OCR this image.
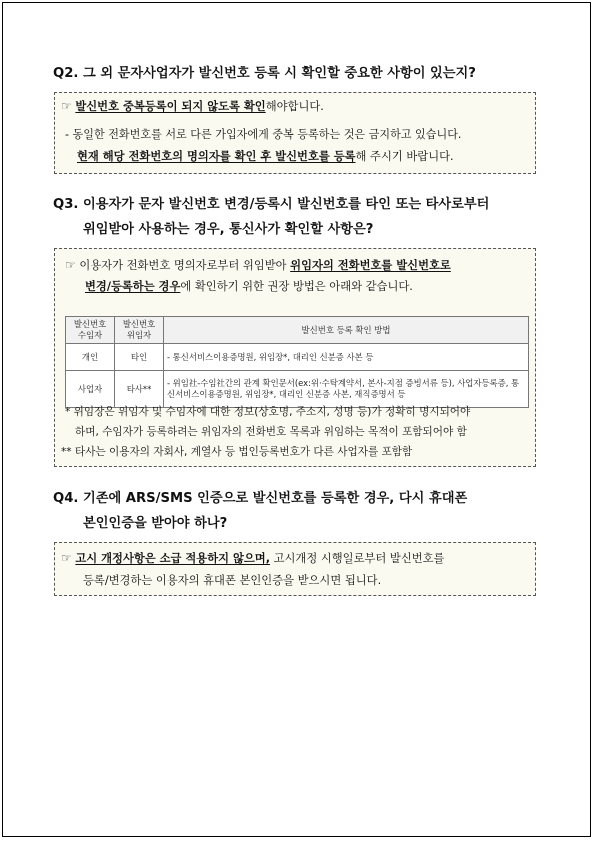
Q2. 그 외 문자사업자가 발신번호 등록 시 확인할 중요한 사항이 있는지?
☞ 발신번호 중복등록이 되지 않도록 확인해야합니다.
- 동일한 전화번호를 서로 다른 가입자에게 중복 등록하는 것은 금지하고 있습니다.
현재 해당 전화번호의 명의자를 확인 후 발신번호를 등록해 주시기 바랍니다.
Q3. 이용자가 문자 발신번호 변경/등록시 발신번호를 타인 또는 타사로부터
위임받아 사용하는 경우, 통신사가 확인할 사항은?
☞ 이용자가 전화번호 명의자로부터 위임받아 위임자의 전화번호를 발신번호로
변경/등록하는 경우에 확인하기 위한 권장 방법은 아래와 같습니다.
발신번호 수임자	발신번호 위임자	발신번호 등록 확인 방법
개인	타인	- 통신서비스이용증명원, 위임장*, 대리인 신분증 사본 등
사업자	타사**	- 위임社-수임社간의 관계 확인문서(ex:위·수탁계약서, 본사-지점 증빙서류 등), 사업자등록증, 통신서비스이용증명원, 위임장*, 대리인 신분증 사본, 재직증명서 등
* 위임장은 위임자 및 수임자에 대한 정보(상호명, 주소지, 성명 등)가 정확히 명시되어야
하며, 수임자가 등록하려는 위임자의 전화번호 목록과 위임하는 목적이 포함되어야 함
** 타사는 이용자의 자회사, 계열사 등 법인등록번호가 다른 사업자를 포함함
Q4. 기존에 ARS/SMS 인증으로 발신번호를 등록한 경우, 다시 휴대폰
본인인증을 받아야 하나?
☞ 고시 개정사항은 소급 적용하지 않으며, 고시개정 시행일로부터 발신번호를
등록/변경하는 이용자의 휴대폰 본인인증을 받으시면 됩니다.
